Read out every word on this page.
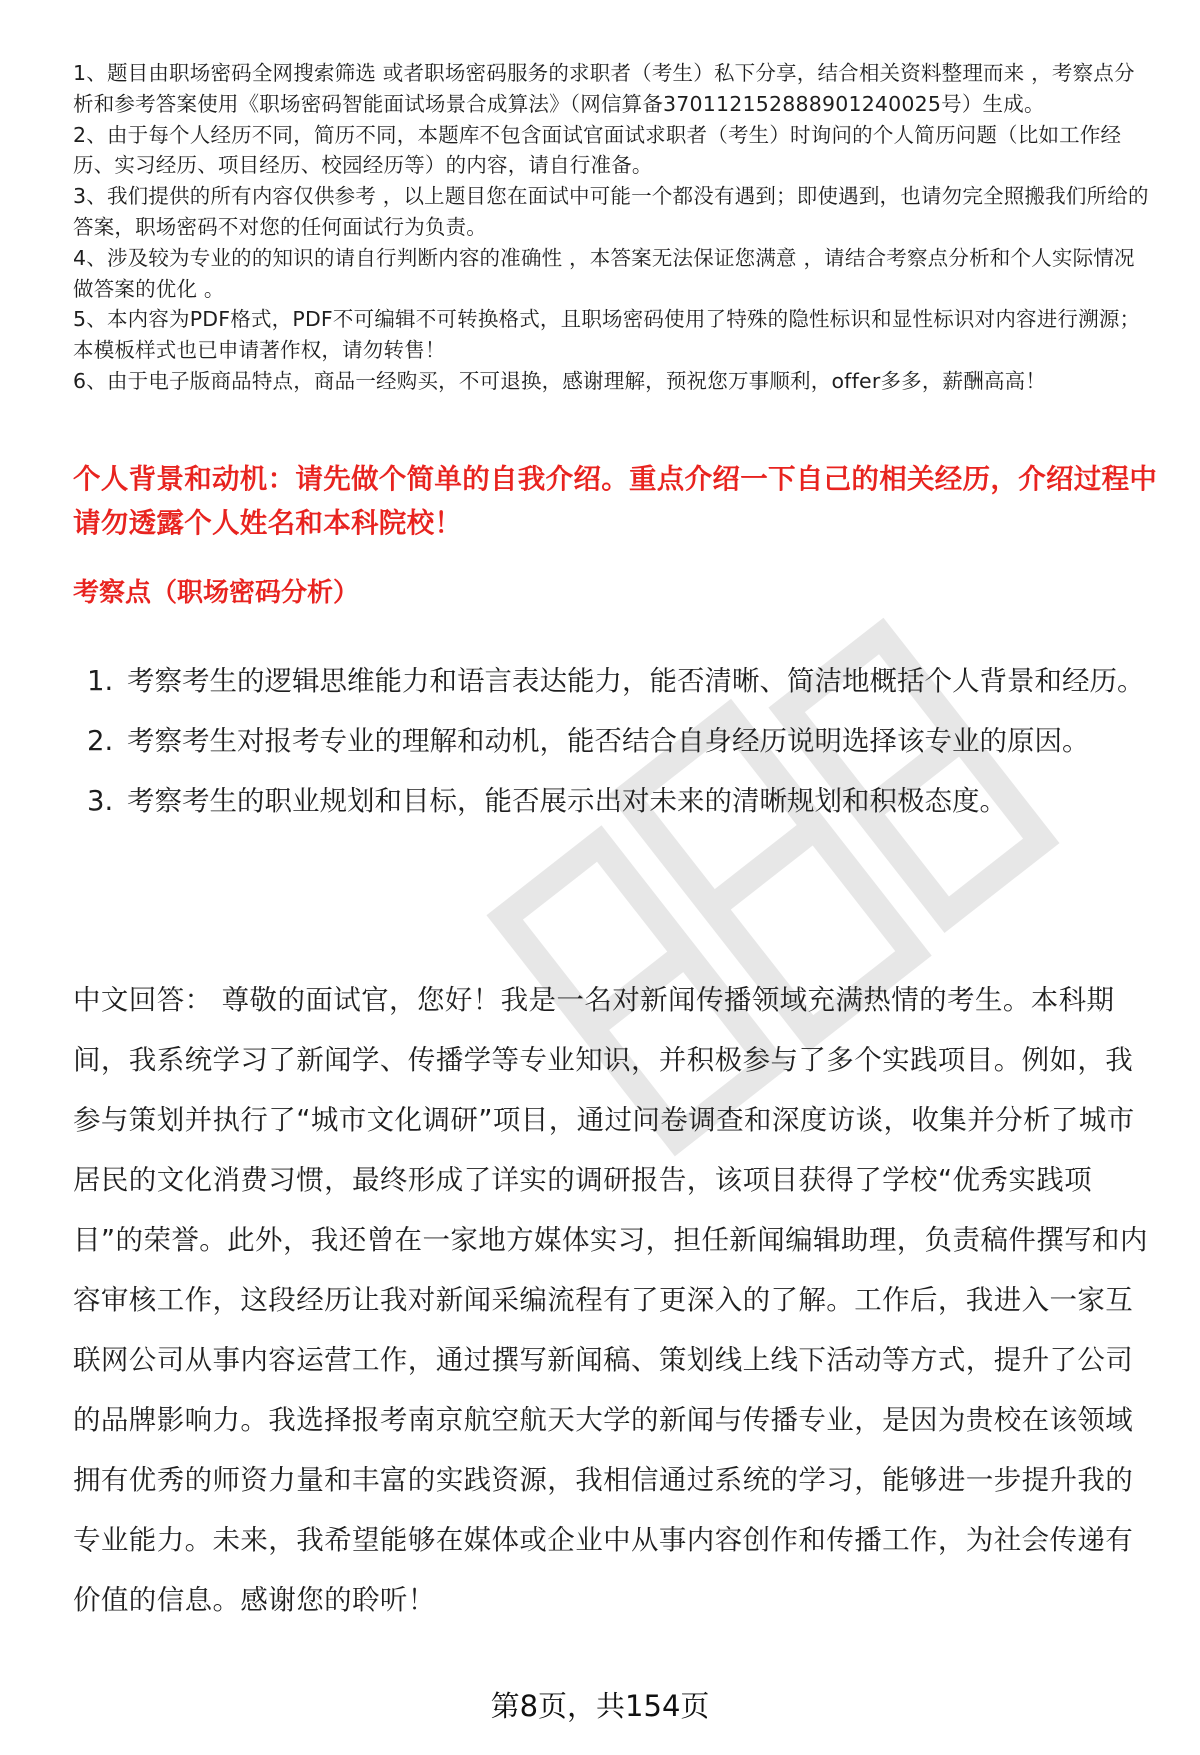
1、题目由职场密码全网搜索筛选 或者职场密码服务的求职者（考生）私下分享，结合相关资料整理而来 ，考察点分析和参考答案使用《职场密码智能面试场景合成算法》（网信算备370112152888901240025号）生成。

2、由于每个人经历不同，简历不同，本题库不包含面试官面试求职者（考生）时询问的个人简历问题（比如工作经历、实习经历、项目经历、校园经历等）的内容，请自行准备。

3、我们提供的所有内容仅供参考 ，以上题目您在面试中可能一个都没有遇到；即使遇到，也请勿完全照搬我们所给的答案，职场密码不对您的任何面试行为负责。

4、涉及较为专业的的知识的请自行判断内容的准确性 ，本答案无法保证您满意 ，请结合考察点分析和个人实际情况做答案的优化 。

5、本内容为PDF格式，PDF不可编辑不可转换格式，且职场密码使用了特殊的隐性标识和显性标识对内容进行溯源；本模板样式也已申请著作权，请勿转售！

6、由于电子版商品特点，商品一经购买，不可退换，感谢理解，预祝您万事顺利，offer多多，薪酬高高！

个人背景和动机：请先做个简单的自我介绍。重点介绍一下自己的相关经历，介绍过程中请勿透露个人姓名和本科院校！
考察点（职场密码分析）
1. 考察考生的逻辑思维能力和语言表达能力，能否清晰、简洁地概括个人背景和经历。
2. 考察考生对报考专业的理解和动机，能否结合自身经历说明选择该专业的原因。
3. 考察考生的职业规划和目标，能否展示出对未来的清晰规划和积极态度。

中文回答： 尊敬的面试官，您好！我是一名对新闻传播领域充满热情的考生。本科期间，我系统学习了新闻学、传播学等专业知识，并积极参与了多个实践项目。例如，我参与策划并执行了“城市文化调研”项目，通过问卷调查和深度访谈，收集并分析了城市居民的文化消费习惯，最终形成了详实的调研报告，该项目获得了学校“优秀实践项目”的荣誉。此外，我还曾在一家地方媒体实习，担任新闻编辑助理，负责稿件撰写和内容审核工作，这段经历让我对新闻采编流程有了更深入的了解。工作后，我进入一家互联网公司从事内容运营工作，通过撰写新闻稿、策划线上线下活动等方式，提升了公司的品牌影响力。我选择报考南京航空航天大学的新闻与传播专业，是因为贵校在该领域拥有优秀的师资力量和丰富的实践资源，我相信通过系统的学习，能够进一步提升我的专业能力。未来，我希望能够在媒体或企业中从事内容创作和传播工作，为社会传递有价值的信息。感谢您的聆听！

第8页，共154页
